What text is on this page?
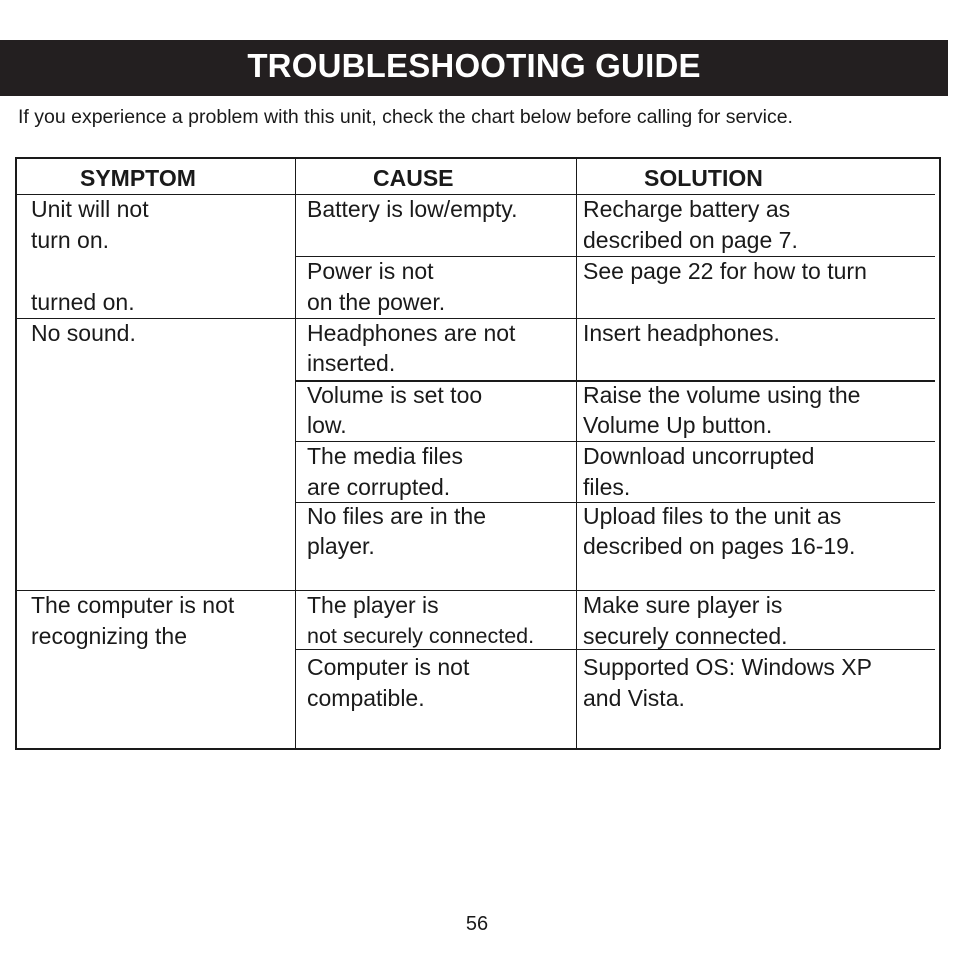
TROUBLESHOOTING GUIDE
If you experience a problem with this unit, check the chart below before calling for service.
SYMPTOM	CAUSE	SOLUTION
Unit will not
turn on.
turned on.
No sound.
The computer is not
recognizing the
Battery is low/empty.
Power is not
on the power.
Headphones are not
inserted.
Volume is set too
low.
The media files
are corrupted.
No files are in the
player.
The player is
not securely connected.
Computer is not
compatible.
Recharge battery as
described on page 7.
See page 22 for how to turn
Insert headphones.
Raise the volume using the
Volume Up button.
Download uncorrupted
files.
Upload files to the unit as
described on pages 16-19.
Make sure player is
securely connected.
Supported OS: Windows XP
and Vista.
56
